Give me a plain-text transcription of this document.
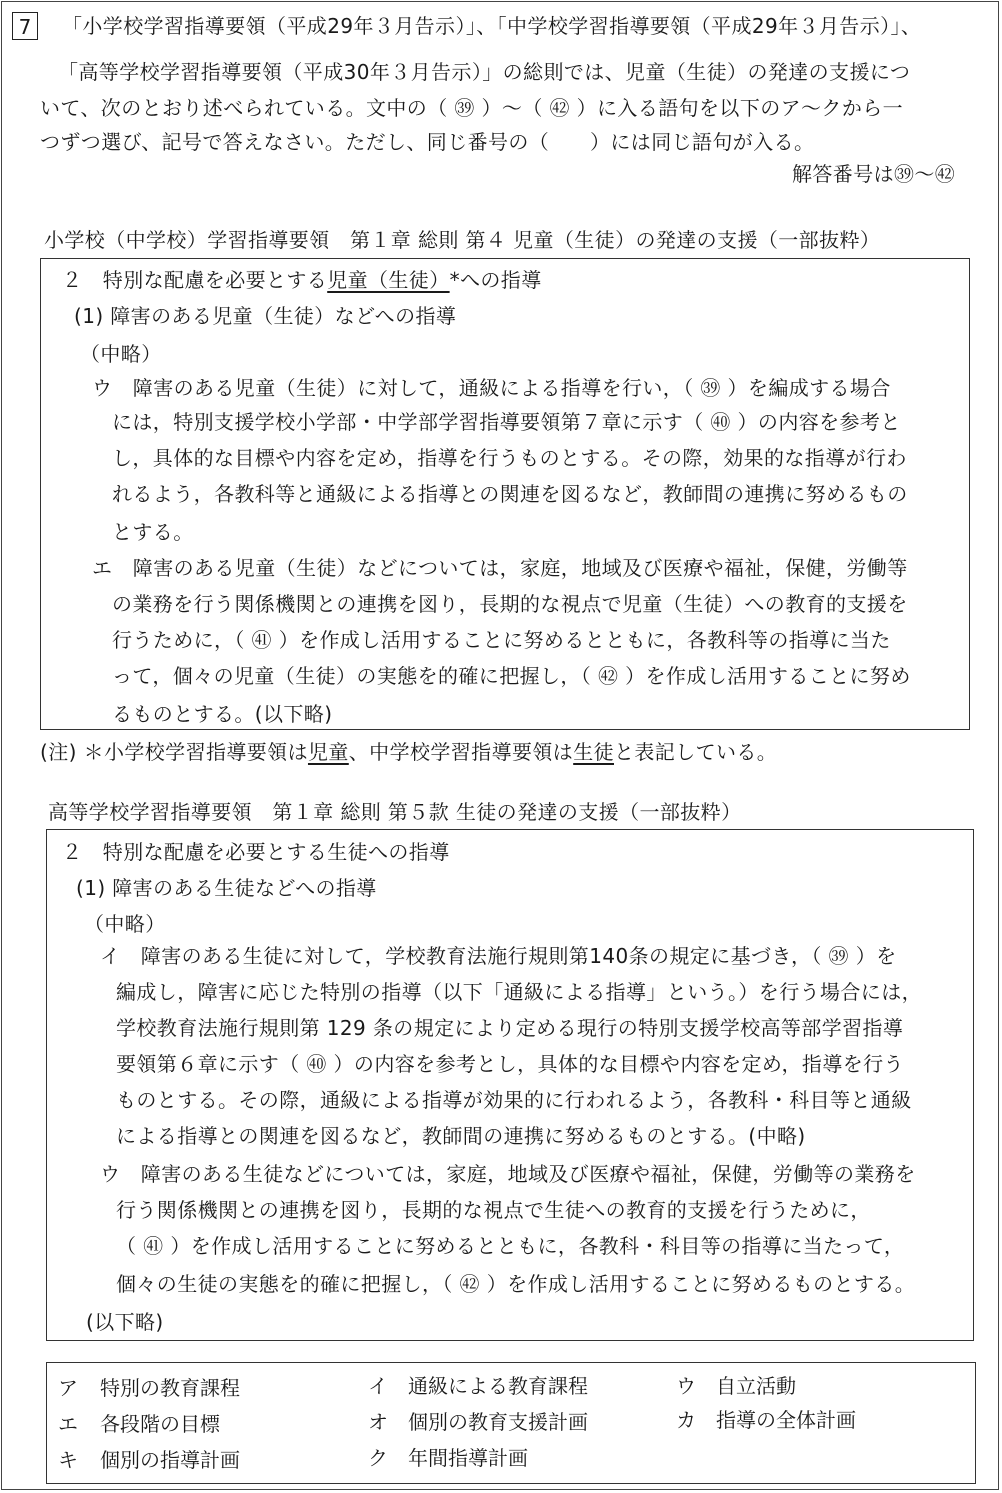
7	「小学校学習指導要領（平成29年３月告示）」、「中学校学習指導要領（平成29年３月告示）」、
「高等学校学習指導要領（平成30年３月告示）」の総則では、児童（生徒）の発達の支援につ
いて、次のとおり述べられている。文中の（ ㊴ ）～（ ㊷ ）に入る語句を以下のア～クから一
つずつ選び、記号で答えなさい。ただし、同じ番号の（　　）には同じ語句が入る。
解答番号は㊴～㊷
小学校（中学校）学習指導要領　第１章 総則 第４ 児童（生徒）の発達の支援（一部抜粋）
２　特別な配慮を必要とする児童（生徒）*への指導
(1) 障害のある児童（生徒）などへの指導
（中略）
ウ　障害のある児童（生徒）に対して，通級による指導を行い，（ ㊴ ）を編成する場合
には，特別支援学校小学部・中学部学習指導要領第７章に示す（ ㊵ ）の内容を参考と
し，具体的な目標や内容を定め，指導を行うものとする。その際，効果的な指導が行わ
れるよう，各教科等と通級による指導との関連を図るなど，教師間の連携に努めるもの
とする。
エ　障害のある児童（生徒）などについては，家庭，地域及び医療や福祉，保健，労働等
の業務を行う関係機関との連携を図り，長期的な視点で児童（生徒）への教育的支援を
行うために，（ ㊶ ）を作成し活用することに努めるとともに，各教科等の指導に当た
って，個々の児童（生徒）の実態を的確に把握し，（ ㊷ ）を作成し活用することに努め
るものとする。(以下略)
(注) ＊小学校学習指導要領は児童、中学校学習指導要領は生徒と表記している。
高等学校学習指導要領　第１章 総則 第５款 生徒の発達の支援（一部抜粋）
２　特別な配慮を必要とする生徒への指導
(1) 障害のある生徒などへの指導
（中略）
イ　障害のある生徒に対して，学校教育法施行規則第140条の規定に基づき，（ ㊴ ）を
編成し，障害に応じた特別の指導（以下「通級による指導」という。）を行う場合には，
学校教育法施行規則第 129 条の規定により定める現行の特別支援学校高等部学習指導
要領第６章に示す（ ㊵ ）の内容を参考とし，具体的な目標や内容を定め，指導を行う
ものとする。その際，通級による指導が効果的に行われるよう，各教科・科目等と通級
による指導との関連を図るなど，教師間の連携に努めるものとする。(中略)
ウ　障害のある生徒などについては，家庭，地域及び医療や福祉，保健，労働等の業務を
行う関係機関との連携を図り，長期的な視点で生徒への教育的支援を行うために，
（ ㊶ ）を作成し活用することに努めるとともに，各教科・科目等の指導に当たって，
個々の生徒の実態を的確に把握し，（ ㊷ ）を作成し活用することに努めるものとする。
(以下略)
ア 特別の教育課程	イ 通級による教育課程	ウ 自立活動
エ 各段階の目標	オ 個別の教育支援計画	カ 指導の全体計画
キ 個別の指導計画	ク 年間指導計画
